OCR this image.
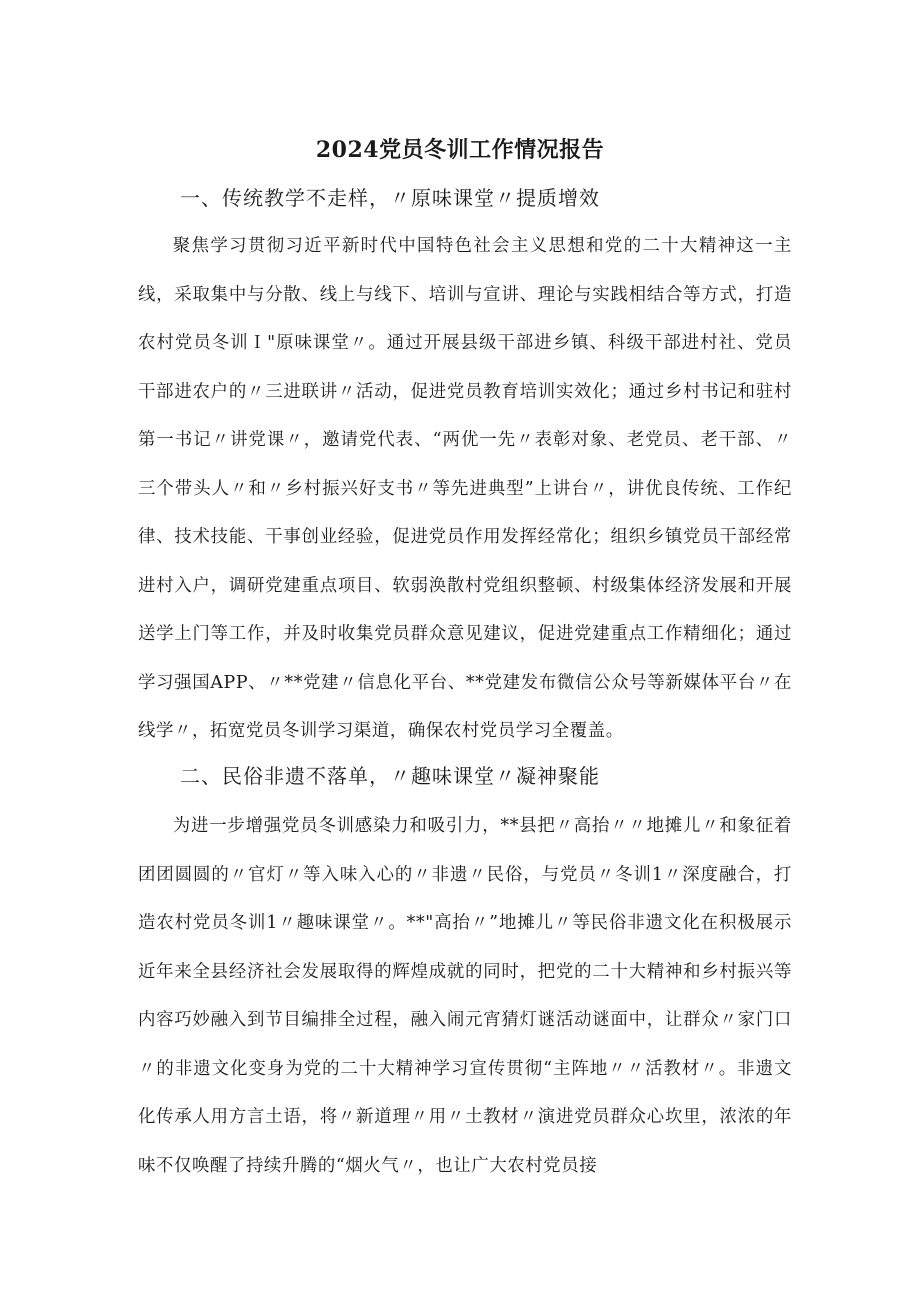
2024党员冬训工作情况报告
一、传统教学不走样，〃原味课堂〃提质增效

聚焦学习贯彻习近平新时代中国特色社会主义思想和党的二十大精神这一主线，采取集中与分散、线上与线下、培训与宣讲、理论与实践相结合等方式，打造农村党员冬训Ｉ"原味课堂〃。通过开展县级干部进乡镇、科级干部进村社、党员干部进农户的〃三进联讲〃活动，促进党员教育培训实效化；通过乡村书记和驻村第一书记〃讲党课〃，邀请党代表、“两优一先〃表彰对象、老党员、老干部、〃三个带头人〃和〃乡村振兴好支书〃等先进典型”上讲台〃，讲优良传统、工作纪律、技术技能、干事创业经验，促进党员作用发挥经常化；组织乡镇党员干部经常进村入户，调研党建重点项目、软弱涣散村党组织整顿、村级集体经济发展和开展送学上门等工作，并及时收集党员群众意见建议，促进党建重点工作精细化；通过学习强国APP、〃**党建〃信息化平台、**党建发布微信公众号等新媒体平台〃在线学〃，拓宽党员冬训学习渠道，确保农村党员学习全覆盖。

二、民俗非遗不落单，〃趣味课堂〃凝神聚能

为进一步增强党员冬训感染力和吸引力，**县把〃高抬〃〃地摊儿〃和象征着团团圆圆的〃官灯〃等入味入心的〃非遗〃民俗，与党员〃冬训1〃深度融合，打造农村党员冬训1〃趣味课堂〃。**"高抬〃”地摊儿〃等民俗非遗文化在积极展示近年来全县经济社会发展取得的辉煌成就的同时，把党的二十大精神和乡村振兴等内容巧妙融入到节目编排全过程，融入闹元宵猜灯谜活动谜面中，让群众〃家门口〃的非遗文化变身为党的二十大精神学习宣传贯彻“主阵地〃〃活教材〃。非遗文化传承人用方言土语，将〃新道理〃用〃土教材〃演进党员群众心坎里，浓浓的年味不仅唤醒了持续升腾的“烟火气〃，也让广大农村党员接
